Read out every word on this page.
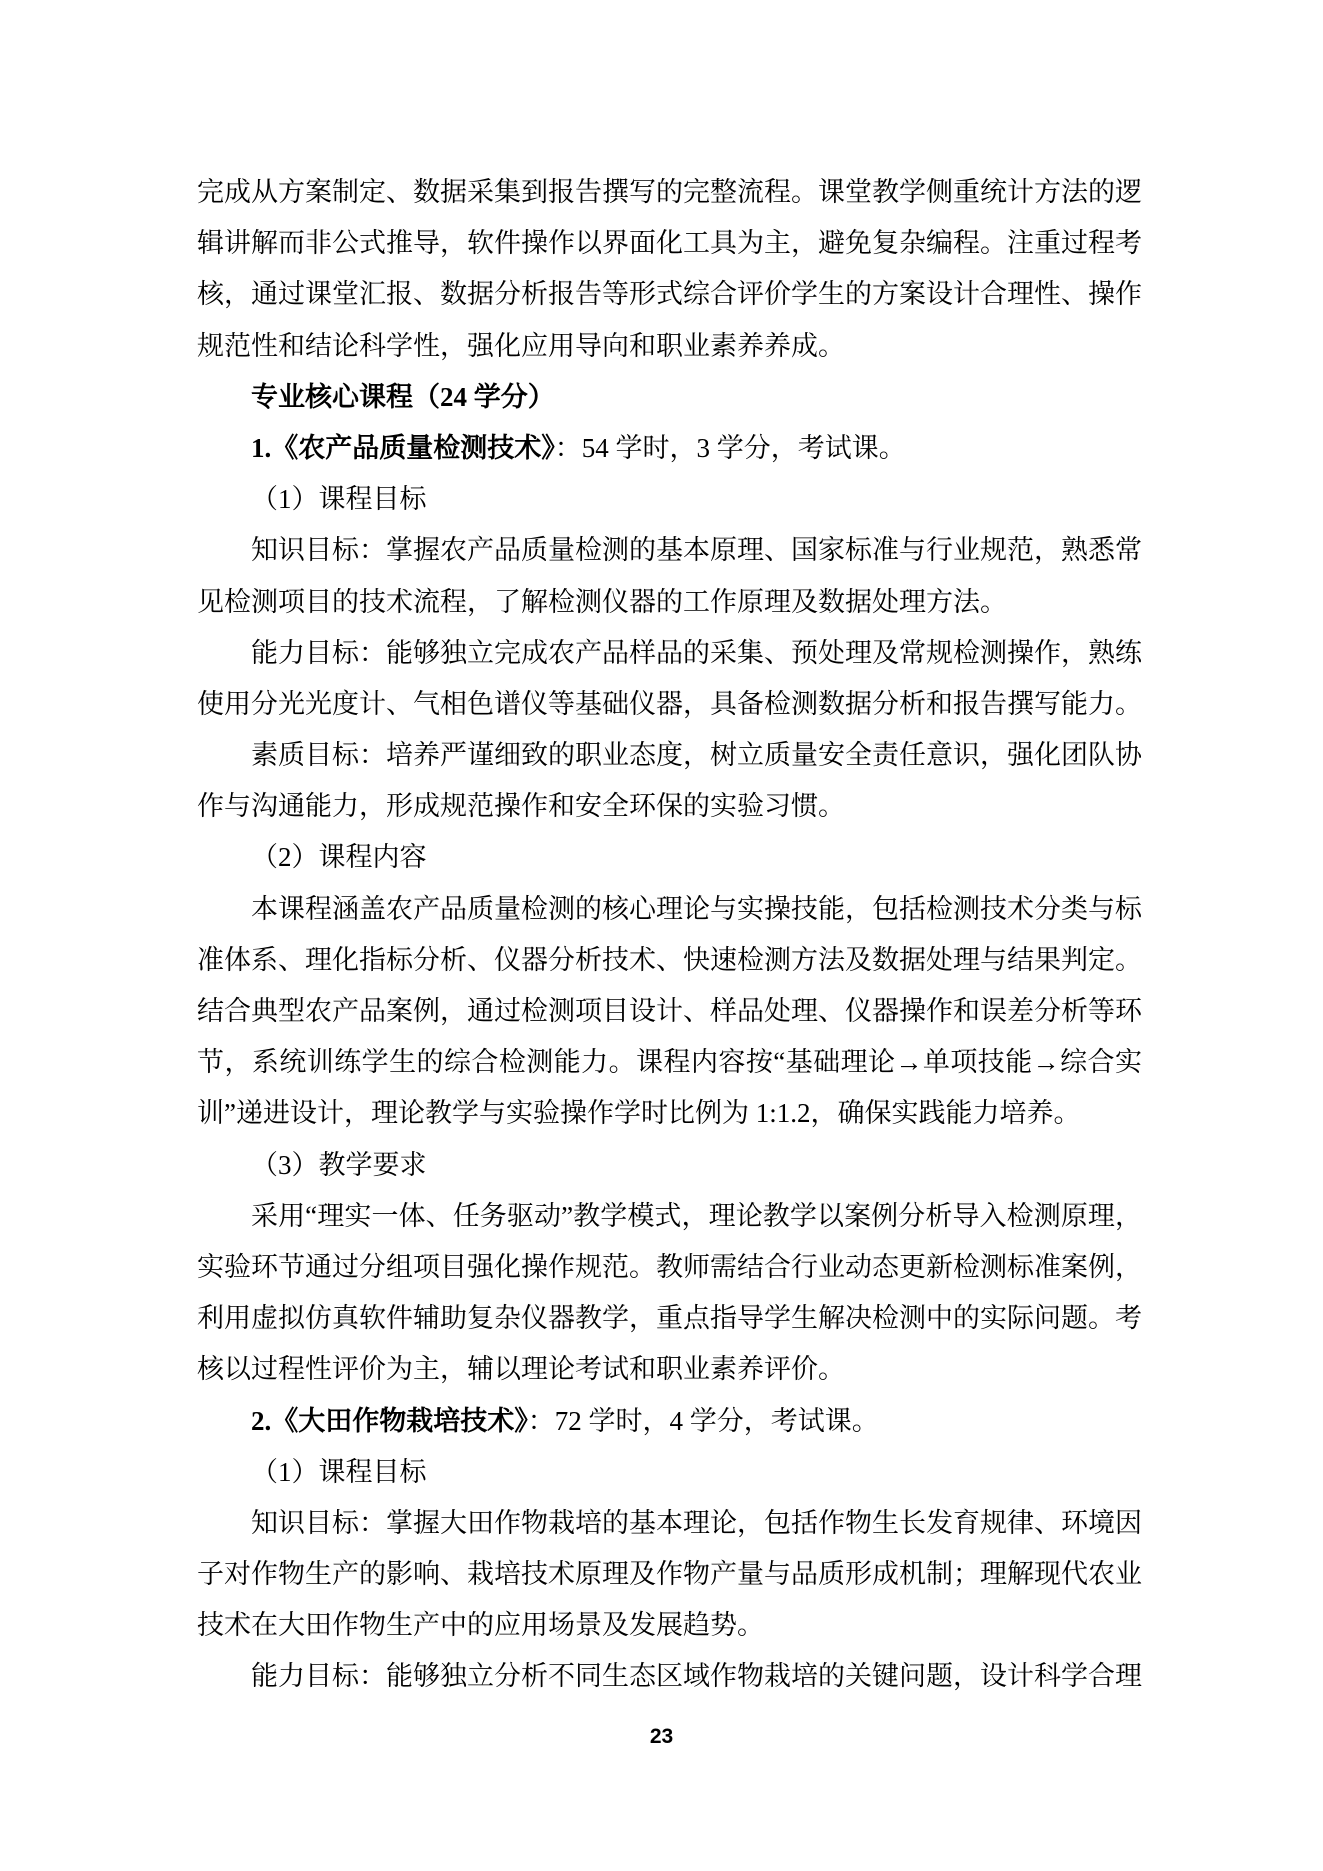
完成从方案制定、数据采集到报告撰写的完整流程。课堂教学侧重统计方法的逻
辑讲解而非公式推导，软件操作以界面化工具为主，避免复杂编程。注重过程考
核，通过课堂汇报、数据分析报告等形式综合评价学生的方案设计合理性、操作
规范性和结论科学性，强化应用导向和职业素养养成。
专业核心课程（24 学分）
1.《农产品质量检测技术》：54 学时，3 学分，考试课。
（1）课程目标
知识目标：掌握农产品质量检测的基本原理、国家标准与行业规范，熟悉常
见检测项目的技术流程，了解检测仪器的工作原理及数据处理方法。
能力目标：能够独立完成农产品样品的采集、预处理及常规检测操作，熟练
使用分光光度计、气相色谱仪等基础仪器，具备检测数据分析和报告撰写能力。
素质目标：培养严谨细致的职业态度，树立质量安全责任意识，强化团队协
作与沟通能力，形成规范操作和安全环保的实验习惯。
（2）课程内容
本课程涵盖农产品质量检测的核心理论与实操技能，包括检测技术分类与标
准体系、理化指标分析、仪器分析技术、快速检测方法及数据处理与结果判定。
结合典型农产品案例，通过检测项目设计、样品处理、仪器操作和误差分析等环
节，系统训练学生的综合检测能力。课程内容按“基础理论→单项技能→综合实
训”递进设计，理论教学与实验操作学时比例为 1:1.2，确保实践能力培养。
（3）教学要求
采用“理实一体、任务驱动”教学模式，理论教学以案例分析导入检测原理，
实验环节通过分组项目强化操作规范。教师需结合行业动态更新检测标准案例，
利用虚拟仿真软件辅助复杂仪器教学，重点指导学生解决检测中的实际问题。考
核以过程性评价为主，辅以理论考试和职业素养评价。
2.《大田作物栽培技术》：72 学时，4 学分，考试课。
（1）课程目标
知识目标：掌握大田作物栽培的基本理论，包括作物生长发育规律、环境因
子对作物生产的影响、栽培技术原理及作物产量与品质形成机制；理解现代农业
技术在大田作物生产中的应用场景及发展趋势。
能力目标：能够独立分析不同生态区域作物栽培的关键问题，设计科学合理
23
